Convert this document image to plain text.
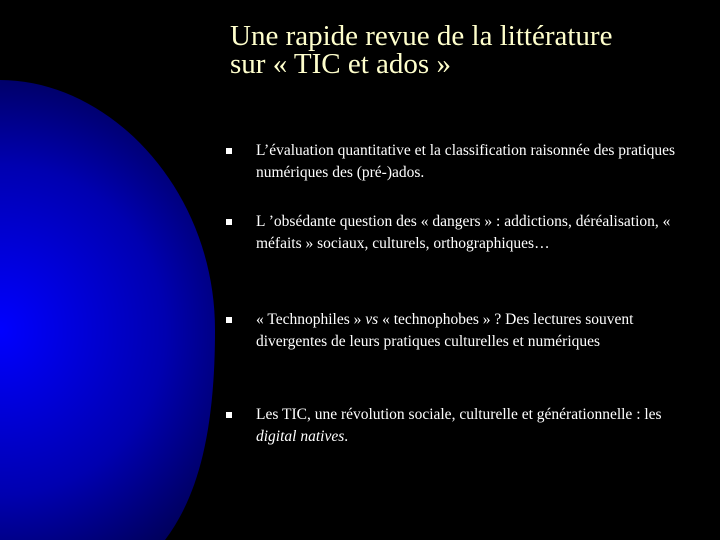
Une rapide revue de la littérature
sur « TIC et ados »
L’évaluation quantitative et la classification raisonnée des pratiques numériques des (pré-)ados.
L ’obsédante question des « dangers » : addictions, déréalisation, « méfaits » sociaux, culturels, orthographiques…
« Technophiles » vs « technophobes » ? Des lectures souvent divergentes de leurs pratiques culturelles et numériques
Les TIC, une révolution sociale, culturelle et générationnelle : les digital natives.
